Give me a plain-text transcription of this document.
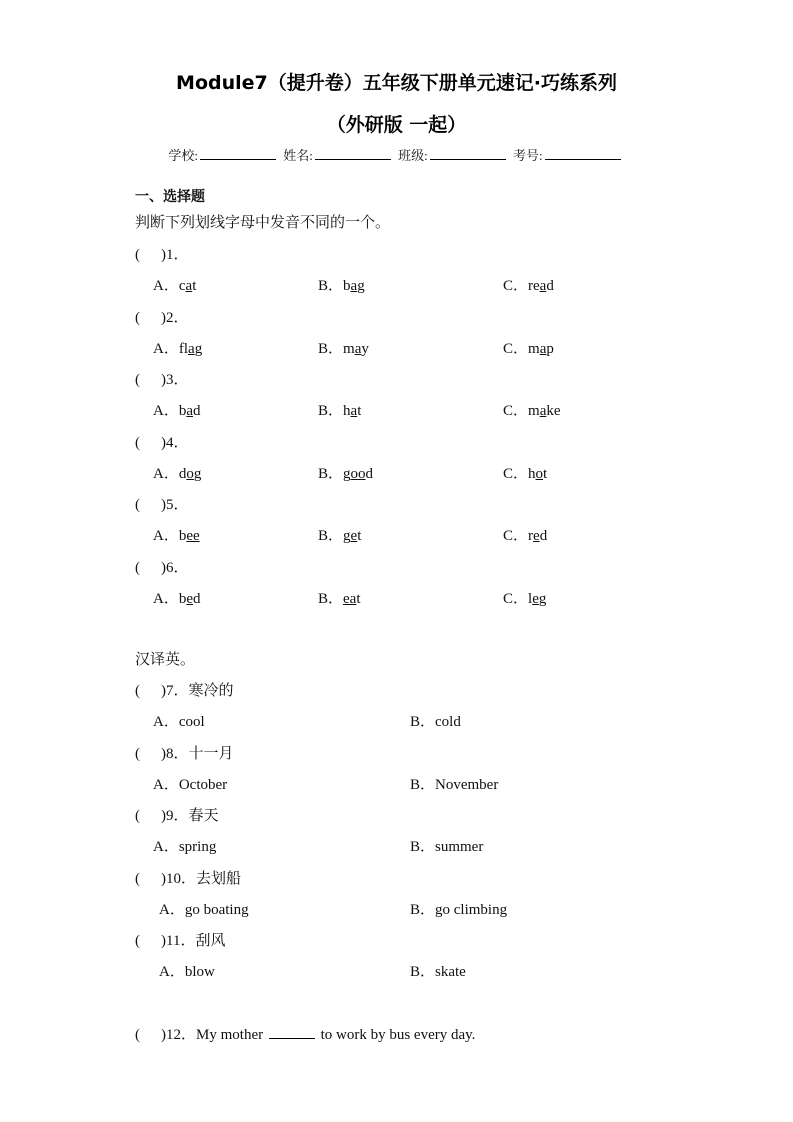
Module7（提升卷）五年级下册单元速记·巧练系列
（外研版 一起）
学校:	姓名:	班级:	考号:
一、选择题
判断下列划线字母中发音不同的一个。
( )1．
A．cat	B．bag	C．read
( )2．
A．flag	B．may	C．map
( )3．
A．bad	B．hat	C．make
( )4．
A．dog	B．good	C．hot
( )5．
A．bee	B．get	C．red
( )6．
A．bed	B．eat	C．leg
汉译英。
( )7．寒冷的
A．cool	B．cold
( )8．十一月
A．October	B．November
( )9．春天
A．spring	B．summer
( )10．去划船
A．go boating	B．go climbing
( )11．刮风
A．blow	B．skate
( )12．My mother	to work by bus every day.
